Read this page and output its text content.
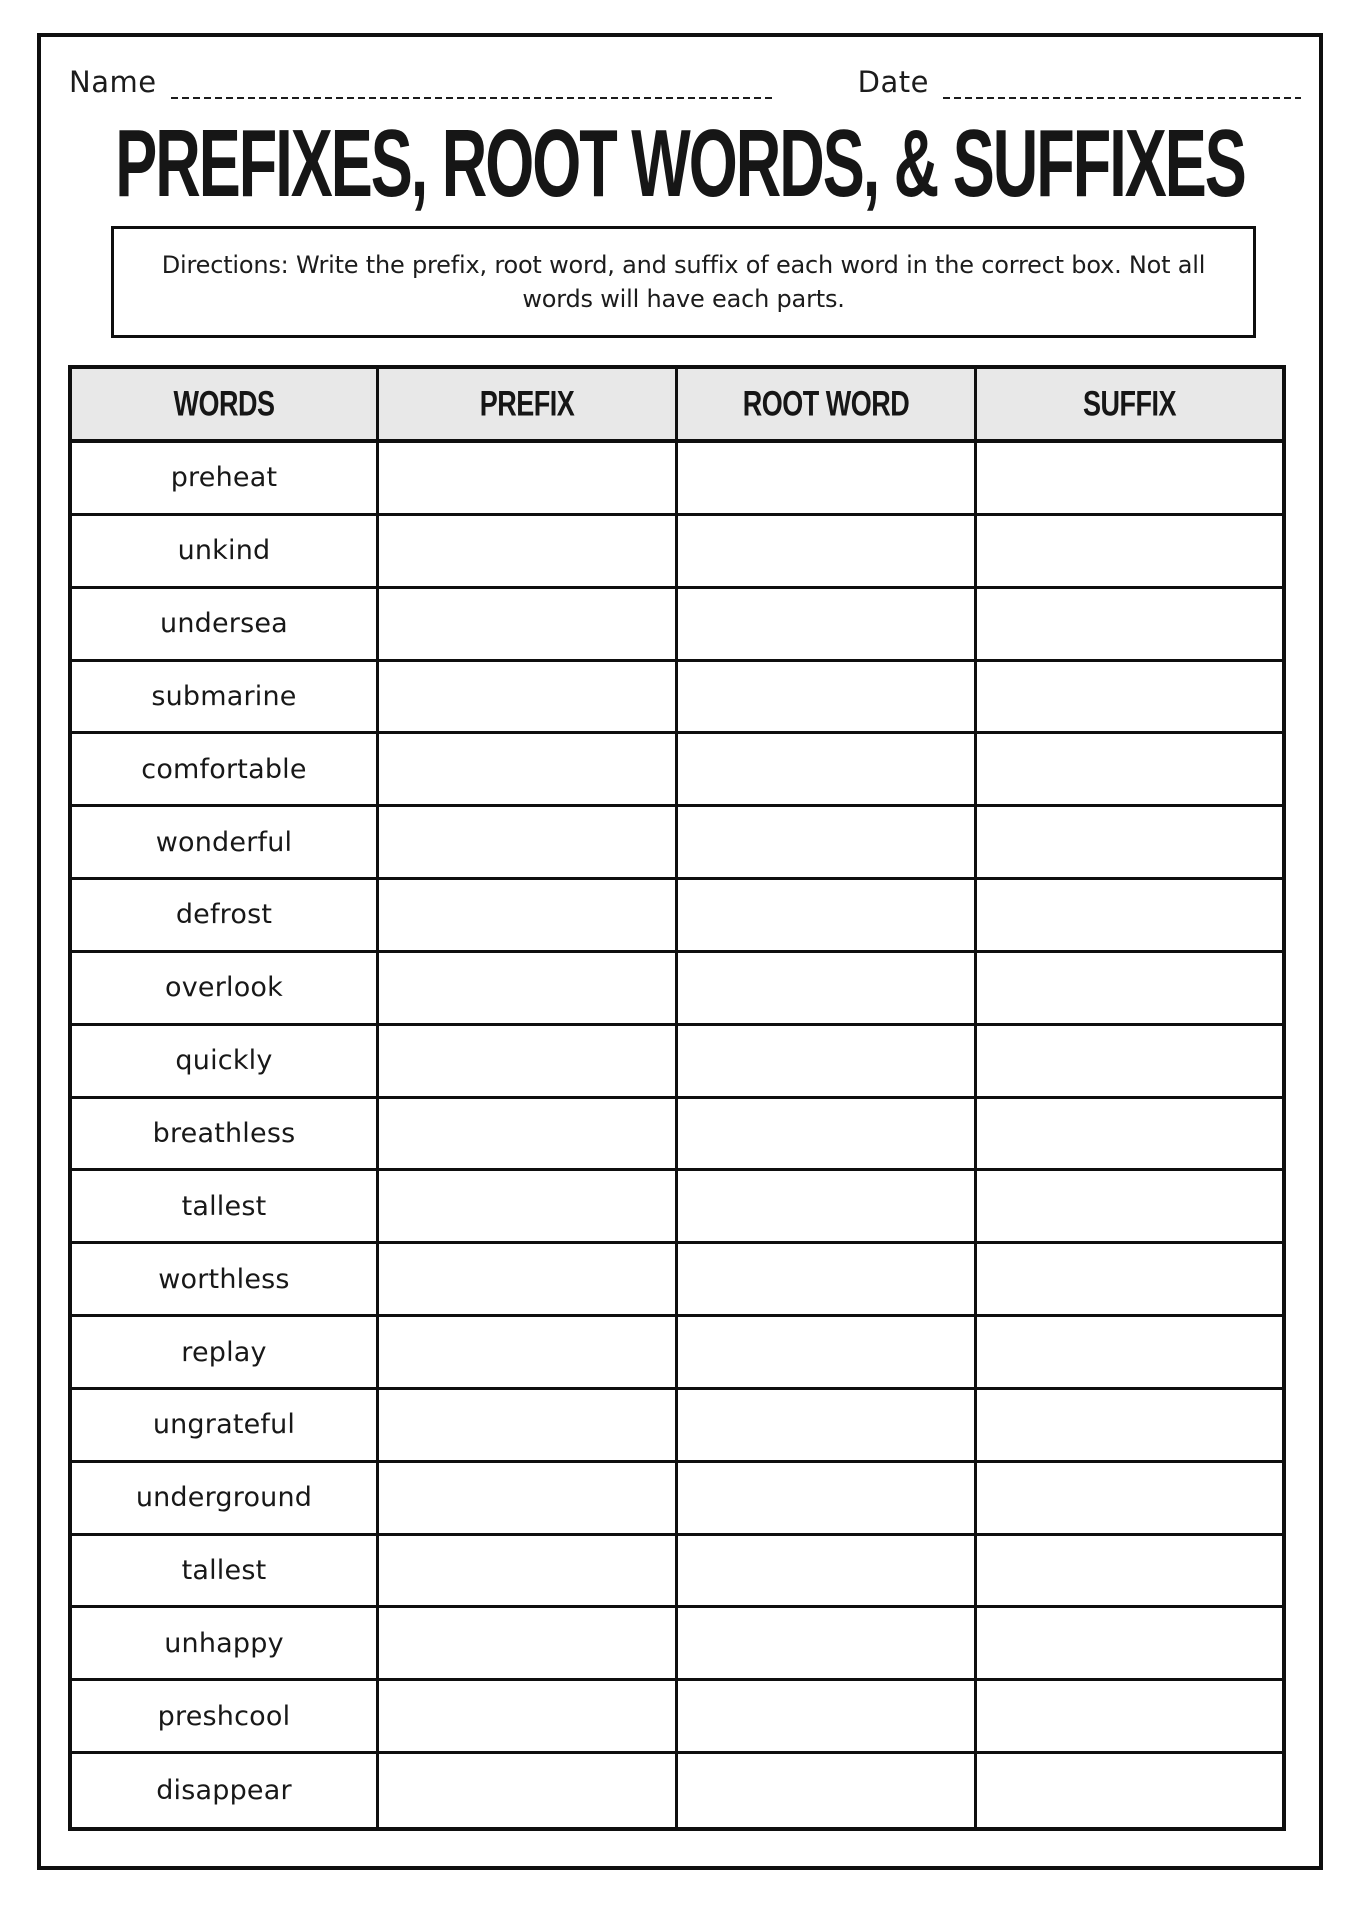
Name	Date
PREFIXES, ROOT WORDS, & SUFFIXES

Directions: Write the prefix, root word, and suffix of each word in the correct box. Not all words will have each parts.

WORDS	PREFIX	ROOT WORD	SUFFIX
preheat
unkind
undersea
submarine
comfortable
wonderful
defrost
overlook
quickly
breathless
tallest
worthless
replay
ungrateful
underground
tallest
unhappy
preshcool
disappear
